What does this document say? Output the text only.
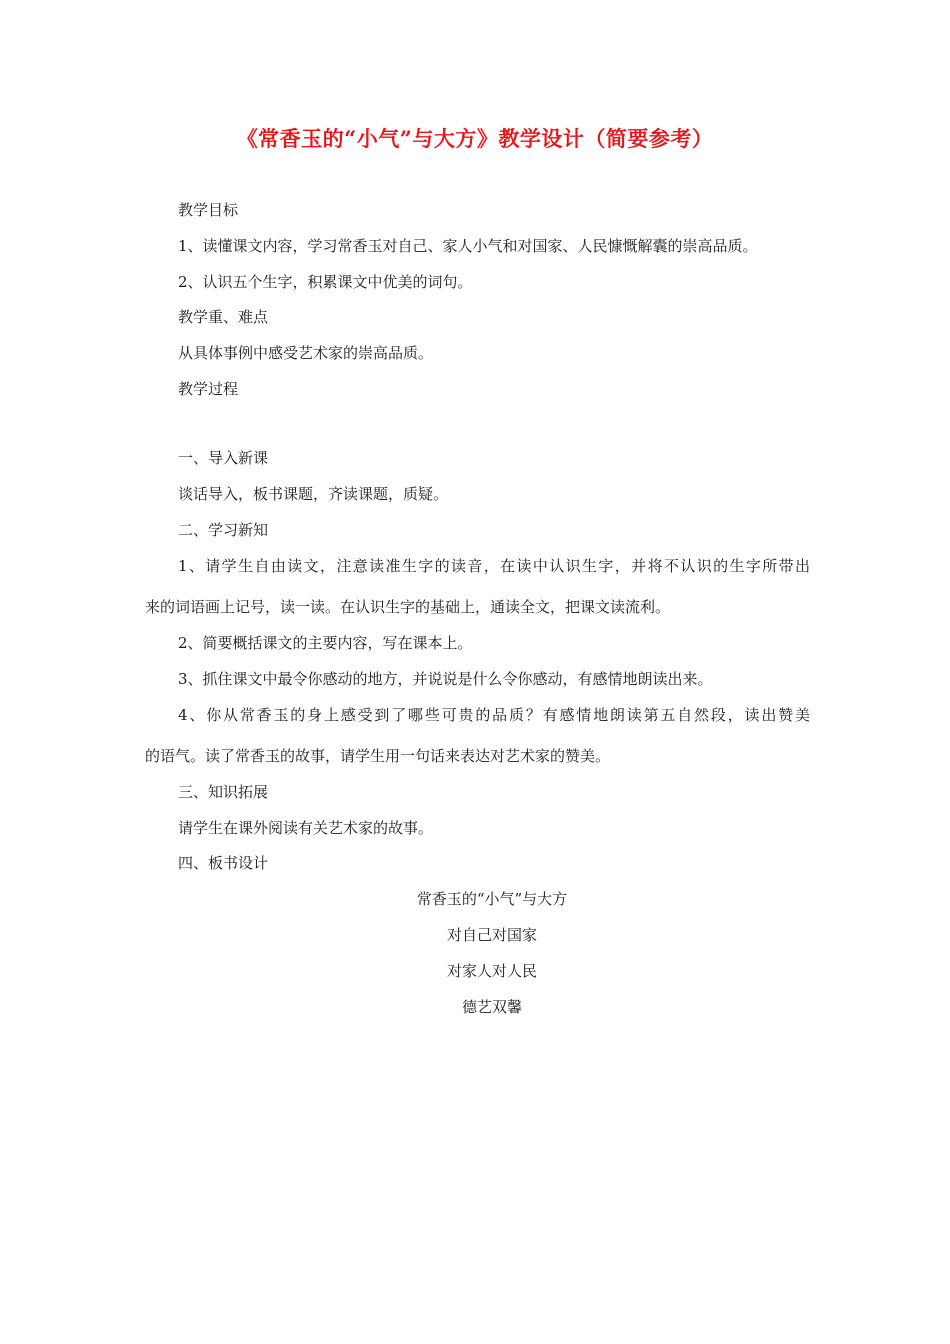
《常香玉的“小气”与大方》教学设计（简要参考）
教学目标
1、读懂课文内容，学习常香玉对自己、家人小气和对国家、人民慷慨解囊的崇高品质。
2、认识五个生字，积累课文中优美的词句。
教学重、难点
从具体事例中感受艺术家的崇高品质。
教学过程
一、导入新课
谈话导入，板书课题，齐读课题，质疑。
二、学习新知
1、请学生自由读文，注意读准生字的读音，在读中认识生字，并将不认识的生字所带出
来的词语画上记号，读一读。在认识生字的基础上，通读全文，把课文读流利。
2、简要概括课文的主要内容，写在课本上。
3、抓住课文中最令你感动的地方，并说说是什么令你感动，有感情地朗读出来。
4、你从常香玉的身上感受到了哪些可贵的品质？有感情地朗读第五自然段，读出赞美
的语气。读了常香玉的故事，请学生用一句话来表达对艺术家的赞美。
三、知识拓展
请学生在课外阅读有关艺术家的故事。
四、板书设计
常香玉的“小气”与大方
对自己对国家
对家人对人民
德艺双馨
